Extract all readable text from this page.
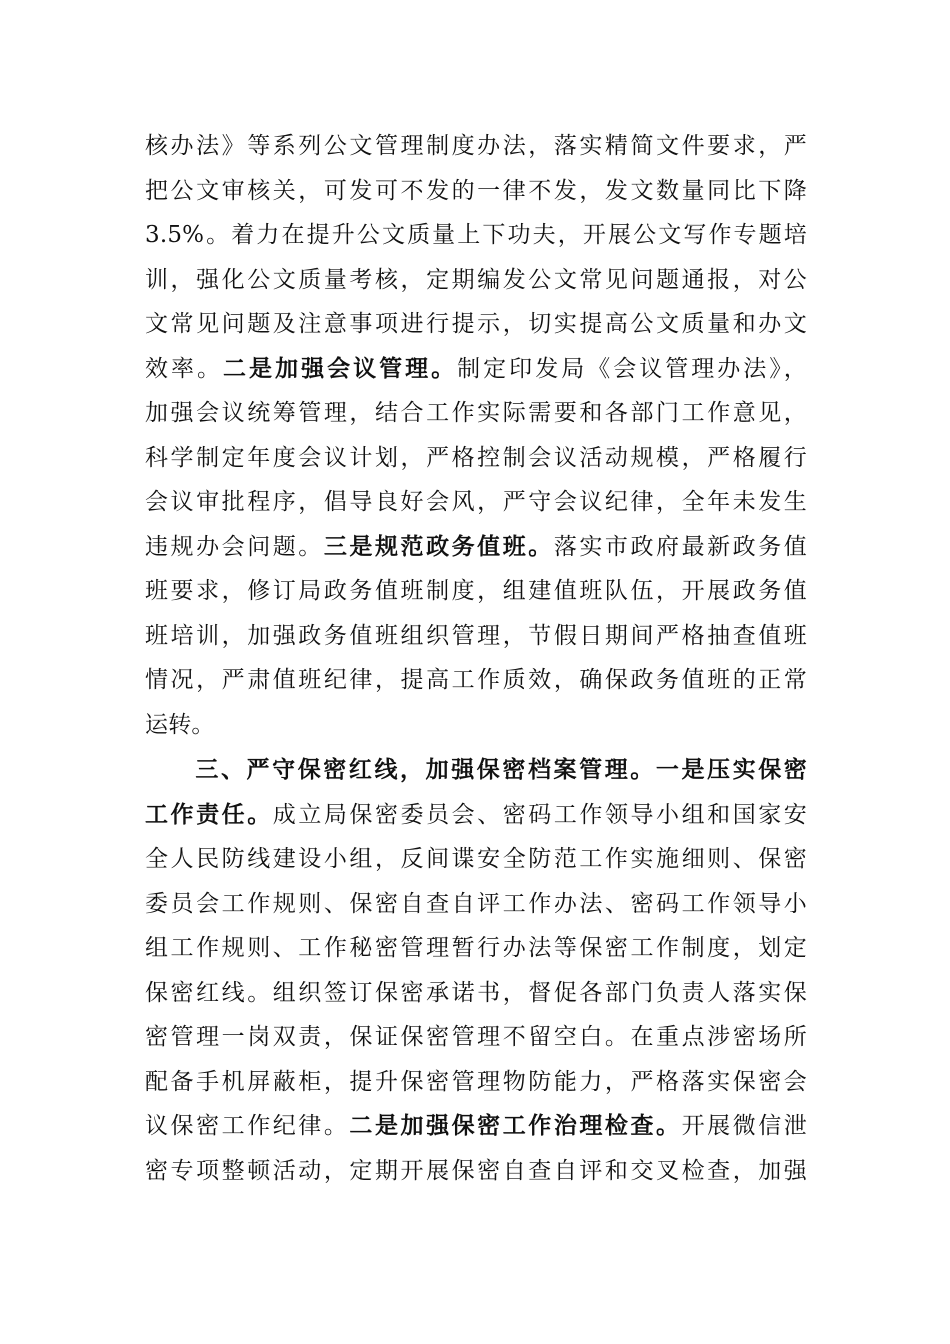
核办法》等系列公文管理制度办法，落实精简文件要求，严
把公文审核关，可发可不发的一律不发，发文数量同比下降
3.5%。着力在提升公文质量上下功夫，开展公文写作专题培
训，强化公文质量考核，定期编发公文常见问题通报，对公
文常见问题及注意事项进行提示，切实提高公文质量和办文
效率。二是加强会议管理。制定印发局《会议管理办法》，
加强会议统筹管理，结合工作实际需要和各部门工作意见，
科学制定年度会议计划，严格控制会议活动规模，严格履行
会议审批程序，倡导良好会风，严守会议纪律，全年未发生
违规办会问题。三是规范政务值班。落实市政府最新政务值
班要求，修订局政务值班制度，组建值班队伍，开展政务值
班培训，加强政务值班组织管理，节假日期间严格抽查值班
情况，严肃值班纪律，提高工作质效，确保政务值班的正常
运转。
三、严守保密红线，加强保密档案管理。一是压实保密
工作责任。成立局保密委员会、密码工作领导小组和国家安
全人民防线建设小组，反间谍安全防范工作实施细则、保密
委员会工作规则、保密自查自评工作办法、密码工作领导小
组工作规则、工作秘密管理暂行办法等保密工作制度，划定
保密红线。组织签订保密承诺书，督促各部门负责人落实保
密管理一岗双责，保证保密管理不留空白。在重点涉密场所
配备手机屏蔽柜，提升保密管理物防能力，严格落实保密会
议保密工作纪律。二是加强保密工作治理检查。开展微信泄
密专项整顿活动，定期开展保密自查自评和交叉检查，加强
